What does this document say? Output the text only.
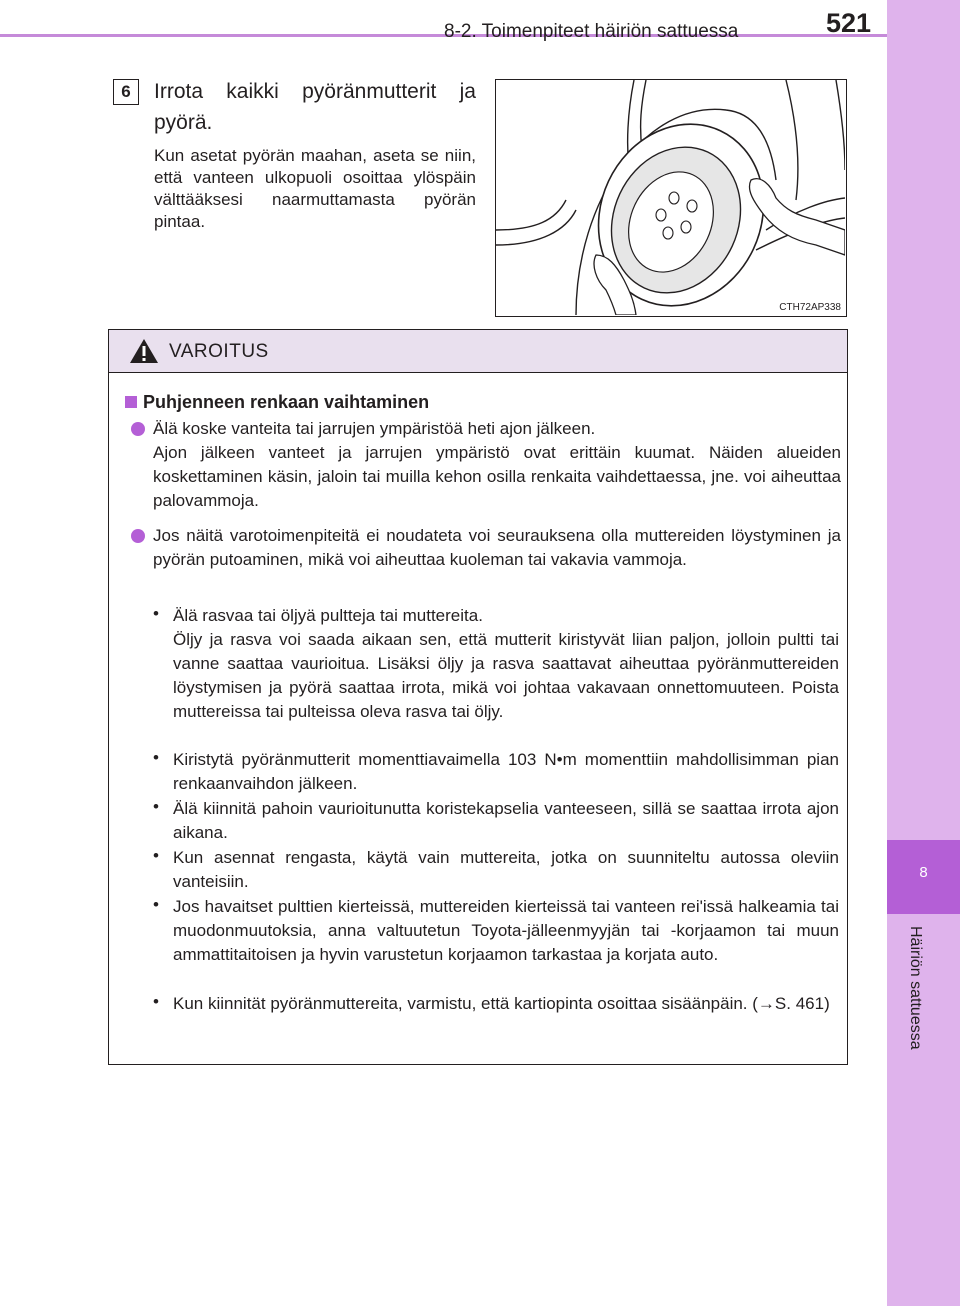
8-2. Toimenpiteet häiriön sattuessa	521
8
Häiriön sattuessa
6	Irrota kaikki pyöränmutterit ja pyörä.
Kun asetat pyörän maahan, aseta se niin, että vanteen ulkopuoli osoittaa ylöspäin välttääksesi naarmuttamasta pyörän pintaa.
CTH72AP338
VAROITUS
Puhjenneen renkaan vaihtaminen
Älä koske vanteita tai jarrujen ympäristöä heti ajon jälkeen.
Ajon jälkeen vanteet ja jarrujen ympäristö ovat erittäin kuumat. Näiden alueiden koskettaminen käsin, jaloin tai muilla kehon osilla renkaita vaihdettaessa, jne. voi aiheuttaa palovammoja.
Jos näitä varotoimenpiteitä ei noudateta voi seurauksena olla muttereiden löystyminen ja pyörän putoaminen, mikä voi aiheuttaa kuoleman tai vakavia vammoja.
• Älä rasvaa tai öljyä pultteja tai muttereita.
Öljy ja rasva voi saada aikaan sen, että mutterit kiristyvät liian paljon, jolloin pultti tai vanne saattaa vaurioitua. Lisäksi öljy ja rasva saattavat aiheuttaa pyöränmuttereiden löystymisen ja pyörä saattaa irrota, mikä voi johtaa vakavaan onnettomuuteen. Poista muttereissa tai pulteissa oleva rasva tai öljy.
• Kiristytä pyöränmutterit momenttiavaimella 103 N•m momenttiin mahdollisimman pian renkaanvaihdon jälkeen.
• Älä kiinnitä pahoin vaurioitunutta koristekapselia vanteeseen, sillä se saattaa irrota ajon aikana.
• Kun asennat rengasta, käytä vain muttereita, jotka on suunniteltu autossa oleviin vanteisiin.
• Jos havaitset pulttien kierteissä, muttereiden kierteissä tai vanteen rei'issä halkeamia tai muodonmuutoksia, anna valtuutetun Toyota-jälleenmyyjän tai -korjaamon tai muun ammattitaitoisen ja hyvin varustetun korjaamon tarkastaa ja korjata auto.
• Kun kiinnität pyöränmuttereita, varmistu, että kartiopinta osoittaa sisäänpäin. (→S. 461)
